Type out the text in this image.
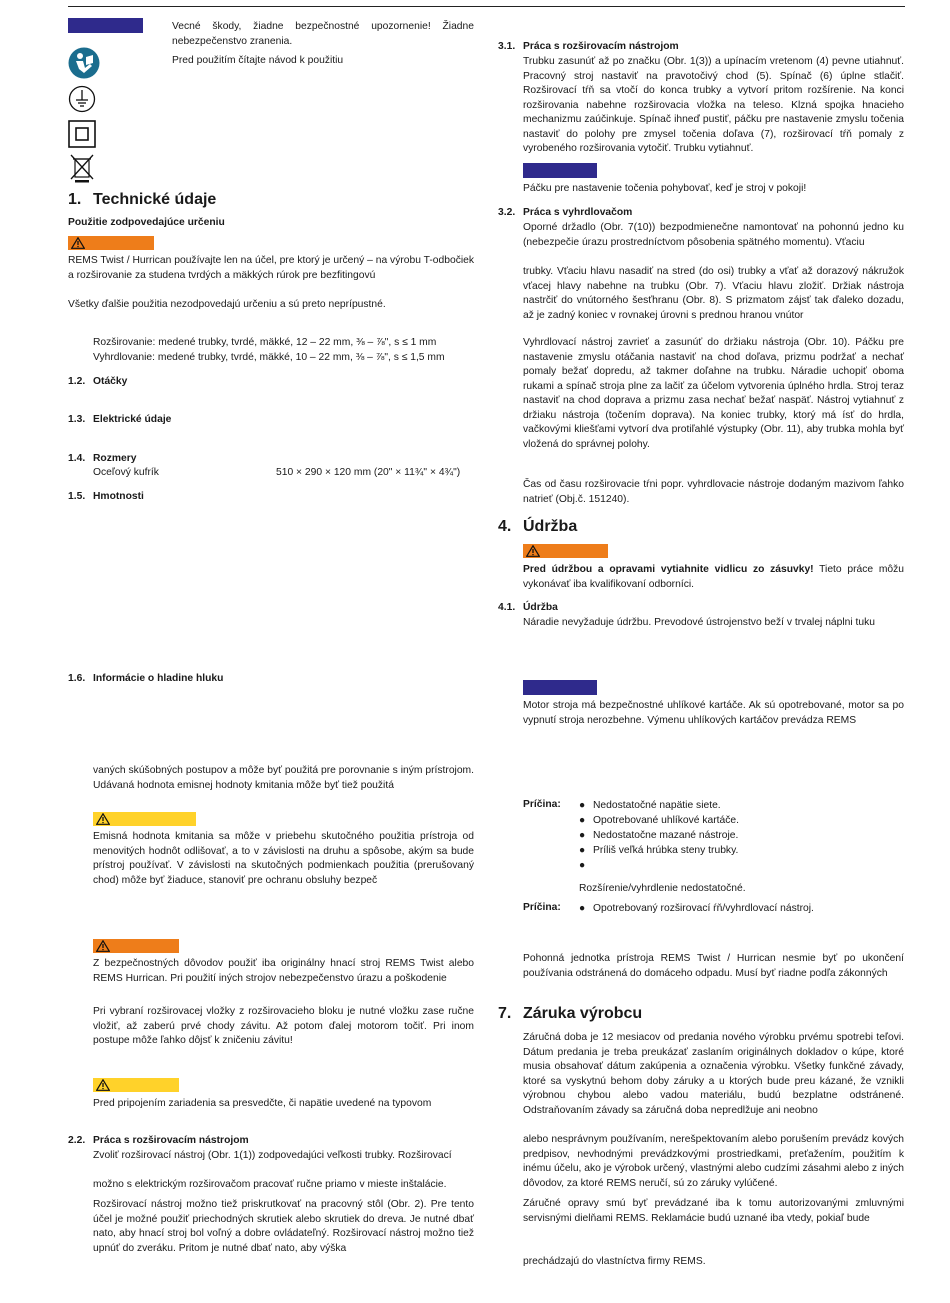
Vecné škody, žiadne bezpečnostné upozornenie! Žiadne nebezpečenstvo zranenia.

Pred použitím čítajte návod k použitiu

1. Technické údaje

Použitie zodpovedajúce určeniu

REMS Twist / Hurrican používajte len na účel, pre ktorý je určený – na výrobu T-odbočiek a rozširovanie za studena tvrdých a mäkkých rúrok pre bezfitingovú

Všetky ďalšie použitia nezodpovedajú určeniu a sú preto neprípustné.

Rozširovanie: medené trubky, tvrdé, mäkké, 12 – 22 mm, ⅜ – ⅞", s ≤ 1 mm

Vyhrdlovanie: medené trubky, tvrdé, mäkké, 10 – 22 mm, ⅜ – ⅞", s ≤ 1,5 mm

1.2. Otáčky

1.3. Elektrické údaje

1.4. Rozmery

Oceľový kufrík	510 × 290 × 120 mm (20" × 11¾" × 4¾")

1.5. Hmotnosti

1.6. Informácie o hladine hluku

vaných skúšobných postupov a môže byť použitá pre porovnanie s iným prístrojom. Udávaná hodnota emisnej hodnoty kmitania môže byť tiež použitá

Emisná hodnota kmitania sa môže v priebehu skutočného použitia prístroja od menovitých hodnôt odlišovať, a to v závislosti na druhu a spôsobe, akým sa bude prístroj používať. V závislosti na skutočných podmienkach použitia (prerušovaný chod) môže byť žiaduce, stanoviť pre ochranu obsluhy bezpeč

Z bezpečnostných dôvodov použiť iba originálny hnací stroj REMS Twist alebo REMS Hurrican. Pri použití iných strojov nebezpečenstvo úrazu a poškodenie

Pri vybraní rozširovacej vložky z rozširovacieho bloku je nutné vložku zase ručne vložiť, až zaberú prvé chody závitu. Až potom ďalej motorom točiť. Pri inom postupe môže ľahko dôjsť k zničeniu závitu!

Pred pripojením zariadenia sa presvedčte, či napätie uvedené na typovom

2.2. Práca s rozširovacím nástrojom

Zvoliť rozširovací nástroj (Obr. 1(1)) zodpovedajúci veľkosti trubky. Rozširovací

možno s elektrickým rozširovačom pracovať ručne priamo v mieste inštalácie.

Rozširovací nástroj možno tiež priskrutkovať na pracovný stôl (Obr. 2). Pre tento účel je možné použiť priechodných skrutiek alebo skrutiek do dreva. Je nutné dbať nato, aby hnací stroj bol voľný a dobre ovládateľný. Rozširovací nástroj možno tiež upnúť do zveráku. Pritom je nutné dbať nato, aby výška

3.1. Práca s rozširovacím nástrojom

Trubku zasunúť až po značku (Obr. 1(3)) a upínacím vretenom (4) pevne utiahnuť. Pracovný stroj nastaviť na pravotočivý chod (5). Spínač (6) úplne stlačiť. Rozširovací tŕň sa vtočí do konca trubky a vytvorí pritom rozšírenie. Na konci rozširovania nabehne rozširovacia vložka na teleso. Klzná spojka hnacieho mechanizmu zaúčinkuje. Spínač ihneď pustiť, páčku pre nastavenie zmyslu točenia nastaviť do polohy pre zmysel točenia doľava (7), rozširovací tŕň pomaly z vyrobeného rozširovania vytočiť. Trubku vytiahnuť.

Páčku pre nastavenie točenia pohybovať, keď je stroj v pokoji!

3.2. Práca s vyhrdlovačom

Oporné držadlo (Obr. 7(10)) bezpodmienečne namontovať na pohonnú jedno ku (nebezpečie úrazu prostredníctvom pôsobenia spätného momentu). Vťaciu

trubky. Vťaciu hlavu nasadiť na stred (do osi) trubky a vťať až dorazový nákružok vťacej hlavy nabehne na trubku (Obr. 7). Vťaciu hlavu zložiť. Držiak nástroja nastrčiť do vnútorného šesťhranu (Obr. 8). S prizmatom zájsť tak ďaleko dozadu, až je zadný koniec v rovnakej úrovni s prednou hranou vnútor

Vyhrdlovací nástroj zavrieť a zasunúť do držiaku nástroja (Obr. 10). Páčku pre nastavenie zmyslu otáčania nastaviť na chod doľava, prizmu podržať a nechať pomaly bežať dopredu, až takmer doľahne na trubku. Náradie uchopiť oboma rukami a spínač stroja plne za lačiť za účelom vytvorenia úplného hrdla. Stroj teraz nastaviť na chod doprava a prizmu zasa nechať bežať naspäť. Nástroj vytiahnuť z držiaku nástroja (točením doprava). Na koniec trubky, ktorý má ísť do hrdla, vačkovými kliešťami vytvorí dva protiľahlé výstupky (Obr. 11), aby trubka mohla byť vložená do správnej polohy.

Čas od času rozširovacie tŕni popr. vyhrdlovacie nástroje dodaným mazivom ľahko natrieť (Obj.č. 151240).

4. Údržba

Pred údržbou a opravami vytiahnite vidlicu zo zásuvky! Tieto práce môžu vykonávať iba kvalifikovaní odborníci.

4.1. Údržba

Náradie nevyžaduje údržbu. Prevodové ústrojenstvo beží v trvalej náplni tuku

Motor stroja má bezpečnostné uhlíkové kartáče. Ak sú opotrebované, motor sa po vypnutí stroja nerozbehne. Výmenu uhlíkových kartáčov prevádza REMS

Príčina: ● Nedostatočné napätie siete.
● Opotrebované uhlíkové kartáče.
● Nedostatočne mazané nástroje.
● Príliš veľká hrúbka steny trubky.
●

Rozšírenie/vyhrdlenie nedostatočné.

Príčina: ● Opotrebovaný rozširovací ŕň/vyhrdlovací nástroj.

Pohonná jednotka prístroja REMS Twist / Hurrican nesmie byť po ukončení používania odstránená do domáceho odpadu. Musí byť riadne podľa zákonných

7. Záruka výrobcu

Záručná doba je 12 mesiacov od predania nového výrobku prvému spotrebi teľovi. Dátum predania je treba preukázať zaslaním originálnych dokladov o kúpe, ktoré musia obsahovať dátum zakúpenia a označenia výrobku. Všetky funkčné závady, ktoré sa vyskytnú behom doby záruky a u ktorých bude preu kázané, že vznikli výrobnou chybou alebo vadou materiálu, budú bezplatne odstránené. Odstraňovaním závady sa záručná doba nepredlžuje ani neobno

alebo nesprávnym používaním, nerešpektovaním alebo porušením prevádz kových predpisov, nevhodnými prevádzkovými prostriedkami, preťažením, použitím k inému účelu, ako je výrobok určený, vlastnými alebo cudzími zásahmi alebo z iných dôvodov, za ktoré REMS neručí, sú zo záruky vylúčené.

Záručné opravy smú byť prevádzané iba k tomu autorizovanými zmluvnými servisnými dielňami REMS. Reklamácie budú uznané iba vtedy, pokiaľ bude

prechádzajú do vlastníctva firmy REMS.
